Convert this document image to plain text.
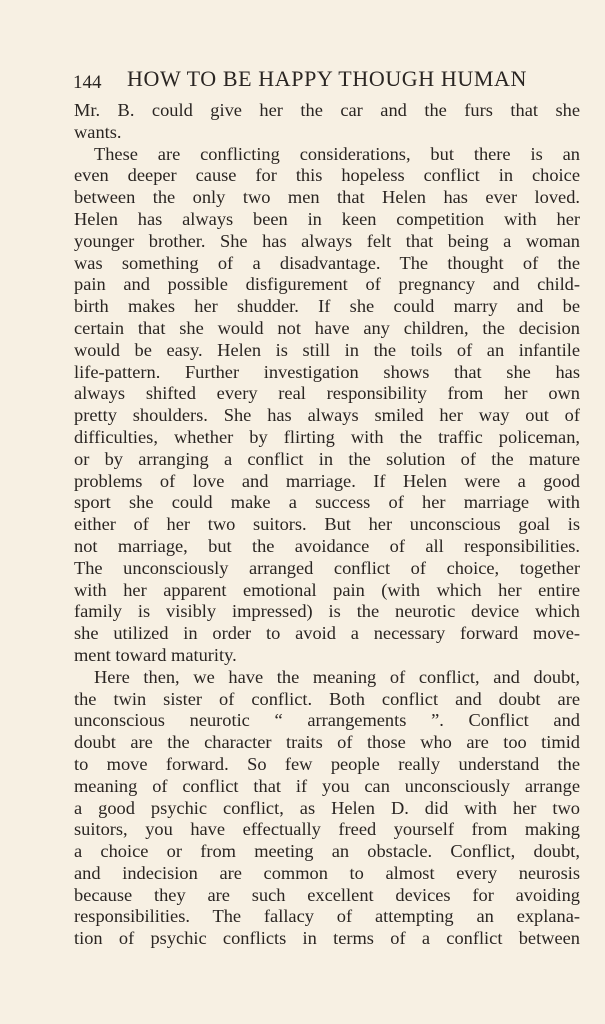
144 HOW TO BE HAPPY THOUGH HUMAN
Mr. B. could give her the car and the furs that she
wants.
These are conflicting considerations, but there is an
even deeper cause for this hopeless conflict in choice
between the only two men that Helen has ever loved.
Helen has always been in keen competition with her
younger brother. She has always felt that being a woman
was something of a disadvantage. The thought of the
pain and possible disfigurement of pregnancy and child-
birth makes her shudder. If she could marry and be
certain that she would not have any children, the decision
would be easy. Helen is still in the toils of an infantile
life-pattern. Further investigation shows that she has
always shifted every real responsibility from her own
pretty shoulders. She has always smiled her way out of
difficulties, whether by flirting with the traffic policeman,
or by arranging a conflict in the solution of the mature
problems of love and marriage. If Helen were a good
sport she could make a success of her marriage with
either of her two suitors. But her unconscious goal is
not marriage, but the avoidance of all responsibilities.
The unconsciously arranged conflict of choice, together
with her apparent emotional pain (with which her entire
family is visibly impressed) is the neurotic device which
she utilized in order to avoid a necessary forward move-
ment toward maturity.
Here then, we have the meaning of conflict, and doubt,
the twin sister of conflict. Both conflict and doubt are
unconscious neurotic “ arrangements ”. Conflict and
doubt are the character traits of those who are too timid
to move forward. So few people really understand the
meaning of conflict that if you can unconsciously arrange
a good psychic conflict, as Helen D. did with her two
suitors, you have effectually freed yourself from making
a choice or from meeting an obstacle. Conflict, doubt,
and indecision are common to almost every neurosis
because they are such excellent devices for avoiding
responsibilities. The fallacy of attempting an explana-
tion of psychic conflicts in terms of a conflict between
